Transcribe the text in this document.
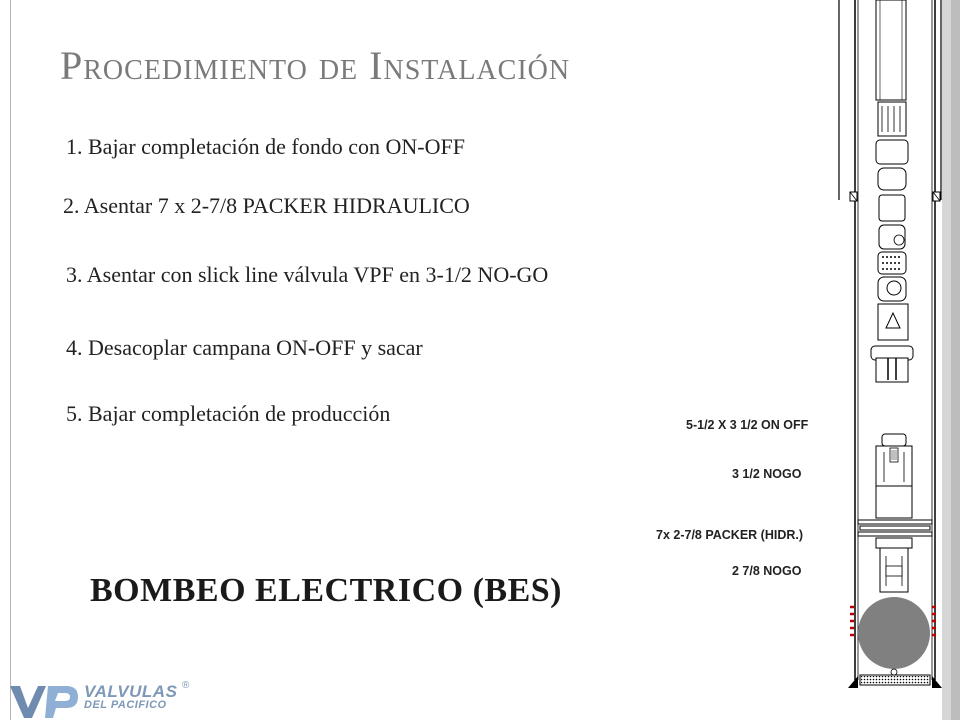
Procedimiento de Instalación
1. Bajar completación de fondo con ON-OFF
2. Asentar 7 x 2-7/8 PACKER HIDRAULICO
3. Asentar con slick line válvula VPF en 3-1/2 NO-GO
4. Desacoplar campana ON-OFF y sacar
5. Bajar completación de producción
BOMBEO ELECTRICO (BES)
5-1/2 X 3 1/2 ON OFF
3 1/2 NOGO
7x 2-7/8 PACKER (HIDR.)
2 7/8 NOGO
VALVULAS
DEL PACIFICO
®
